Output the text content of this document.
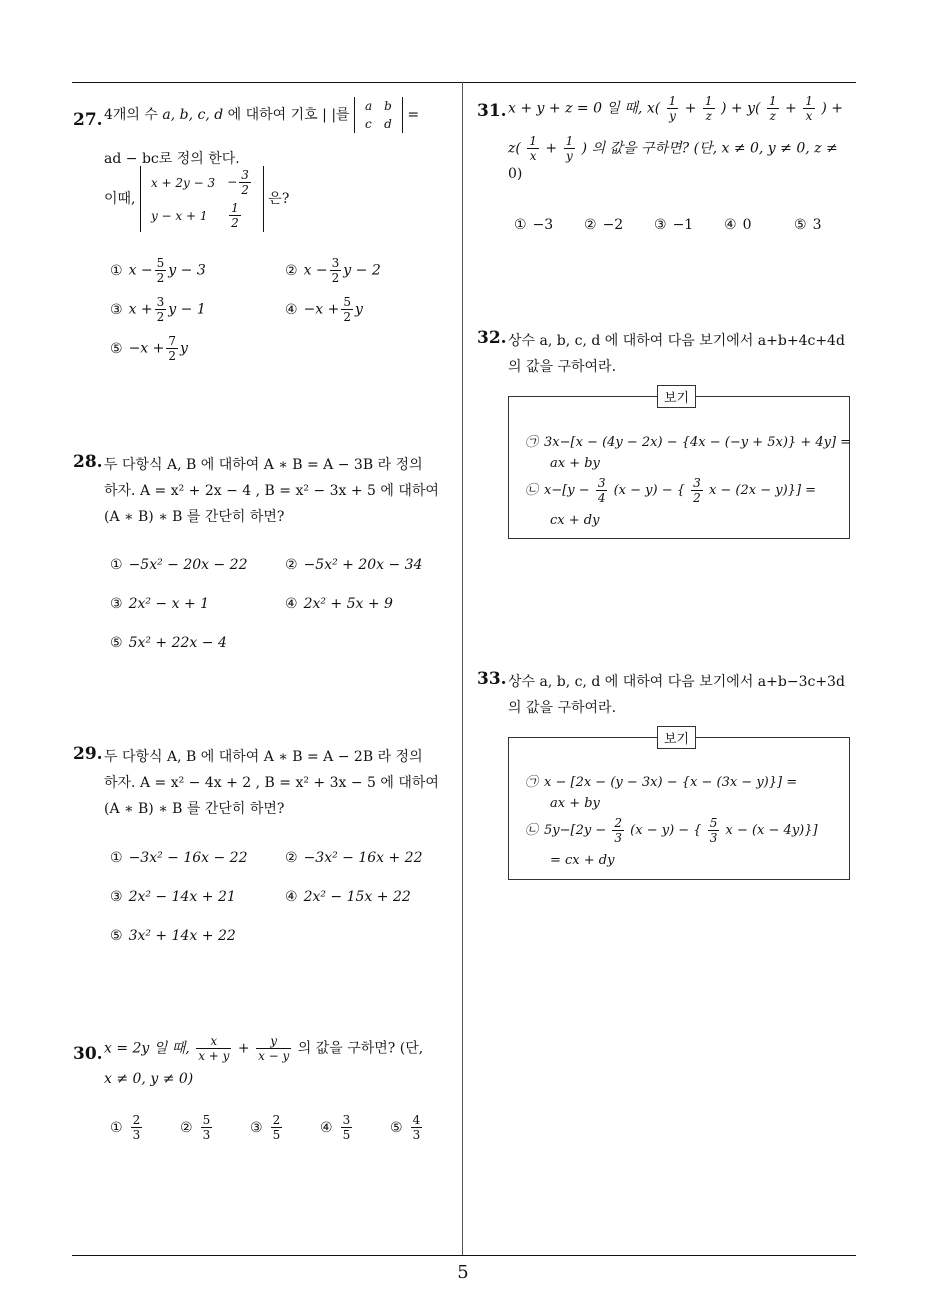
27. 4개의 수 a, b, c, d 에 대하여 기호 | |를
a	b
c	d
=
ad − bc로 정의 한다.
이때,
x + 2y − 3	− $\frac{3}{2}$

y − x + 1	$\frac{1}{2}$
은?
① $x - \frac{5}{2}$ y − 3	② $x - \frac{3}{2}$ y − 2
③ $x + \frac{3}{2}$ y − 1	④ $-x + \frac{5}{2}$ y
⑤ $-x + \frac{7}{2}$ y
28. 두 다항식 A, B 에 대하여 A ∗ B = A − 3B 라 정의
하자. A = x² + 2x − 4 , B = x² − 3x + 5 에 대하여
(A ∗ B) ∗ B 를 간단히 하면?
① −5x² − 20x − 22	② −5x² + 20x − 34
③ 2x² − x + 1	④ 2x² + 5x + 9
⑤ 5x² + 22x − 4
29. 두 다항식 A, B 에 대하여 A ∗ B = A − 2B 라 정의
하자. A = x² − 4x + 2 , B = x² + 3x − 5 에 대하여
(A ∗ B) ∗ B 를 간단히 하면?
① −3x² − 16x − 22	② −3x² − 16x + 22
③ 2x² − 14x + 21	④ 2x² − 15x + 22
⑤ 3x² + 14x + 22
30. x = 2y 일 때, $\frac{x}{x + y} + \frac{y}{x - y}$ 의 값을 구하면? (단,
x ≠ 0, y ≠ 0)
① $\frac{2}{3}$	② $\frac{5}{3}$	③ $\frac{2}{5}$	④ $\frac{3}{5}$	⑤ $\frac{4}{3}$
31. x + y + z = 0 일 때, $x( \frac{1}{y} + \frac{1}{z}$ ) + $y( \frac{1}{z} + \frac{1}{x}$ ) +
$z( \frac{1}{x} + \frac{1}{y}$ ) 의 값을 구하면? (단, x ≠ 0, y ≠ 0, z ≠
0)
① −3 ② −2 ③ −1 ④ 0	⑤ 3
32. 상수 a, b, c, d 에 대하여 다음 보기에서 a+b+4c+4d
의 값을 구하여라.
보기
㉠ 3x−[x − (4y − 2x) − {4x − (−y + 5x)} + 4y] =
ax + by
㉡ $x-[y - \frac{3}{4} (x - y)$ − { $\frac{3}{2}$ x − (2x − y)}] =
cx + dy
33. 상수 a, b, c, d 에 대하여 다음 보기에서 a+b−3c+3d
의 값을 구하여라.
보기
㉠ x − [2x − (y − 3x) − {x − (3x − y)}] =
ax + by
㉡ $5y-[2y - \frac{2}{3} (x - y)$ − { $\frac{5}{3}$ x − (x − 4y)}]
= cx + dy
5
